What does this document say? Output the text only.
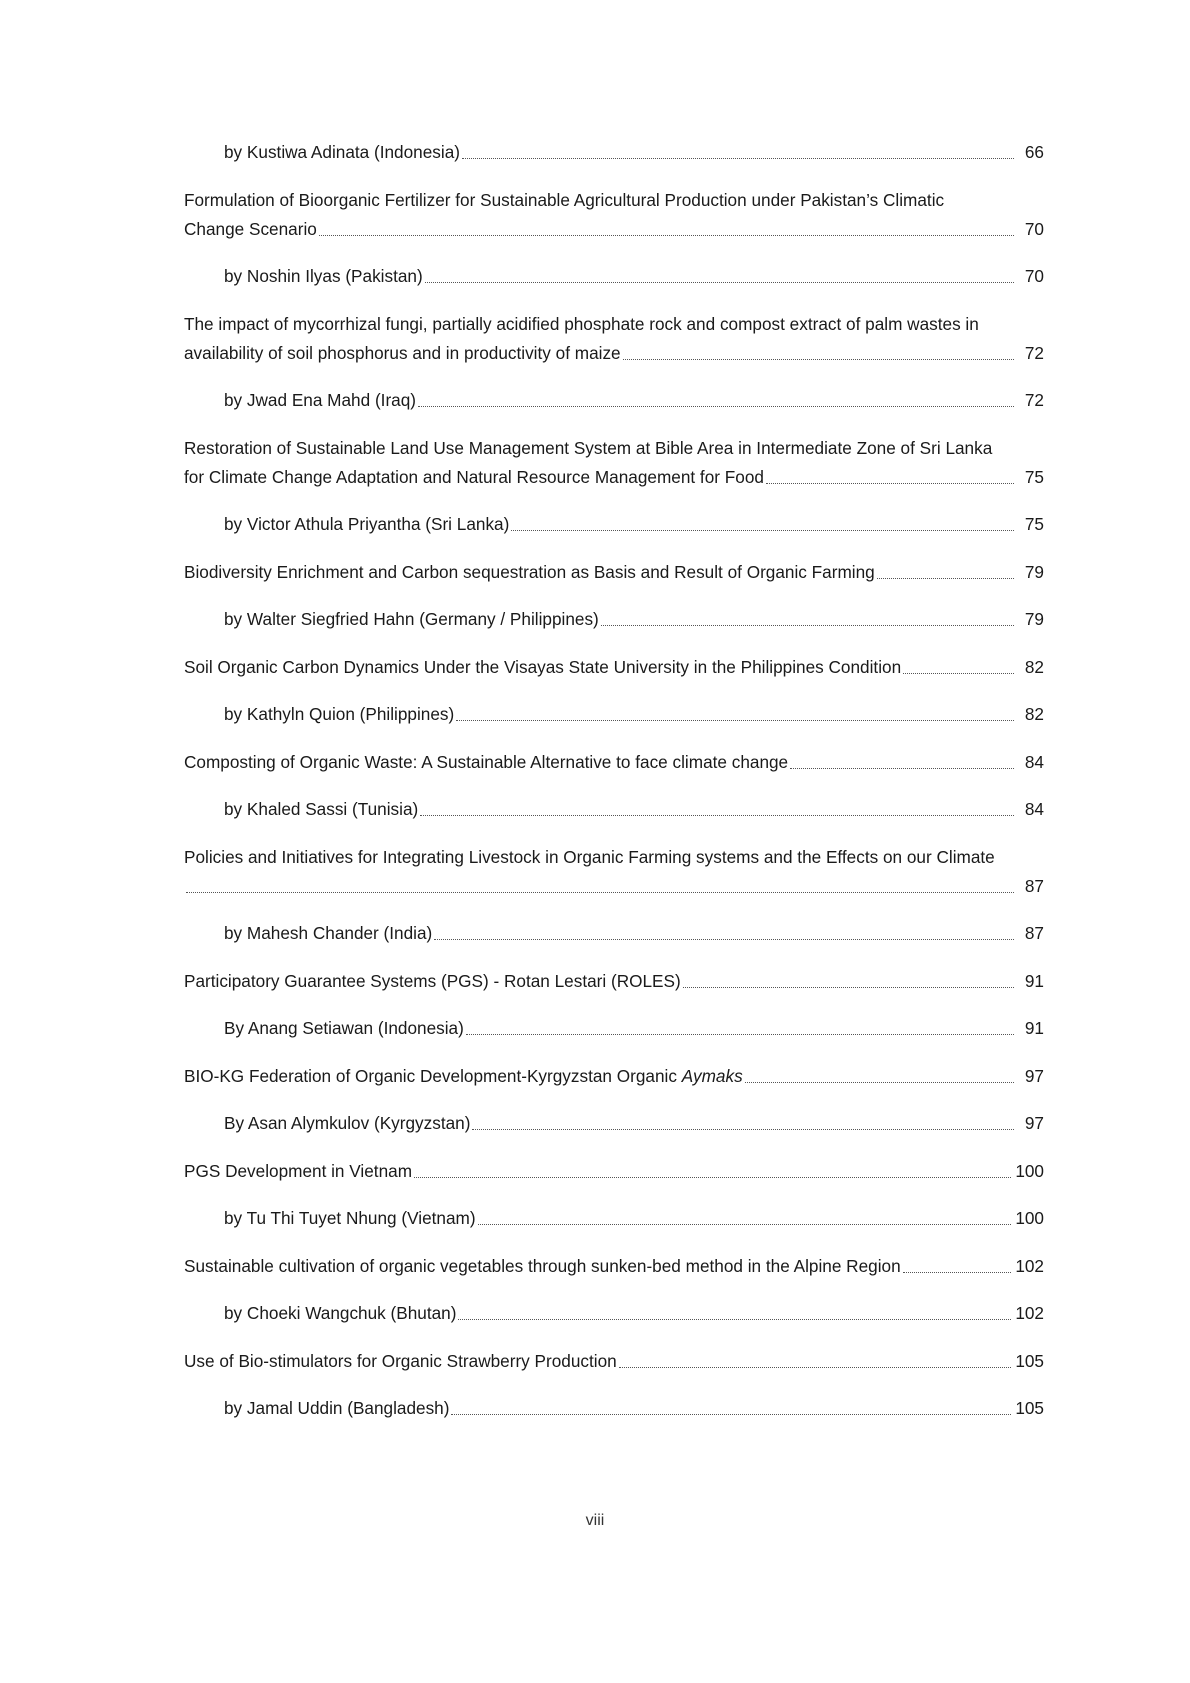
by Kustiwa Adinata (Indonesia)	66
Formulation of Bioorganic Fertilizer for Sustainable Agricultural Production under Pakistan’s Climatic
Change Scenario	70
by Noshin Ilyas (Pakistan)	70
The impact of mycorrhizal fungi, partially acidified phosphate rock and compost extract of palm wastes in
availability of soil phosphorus and in productivity of maize	72
by Jwad Ena Mahd (Iraq)	72
Restoration of Sustainable Land Use Management System at Bible Area in Intermediate Zone of Sri Lanka
for Climate Change Adaptation and Natural Resource Management for Food	75
by Victor Athula Priyantha (Sri Lanka)	75
Biodiversity Enrichment and Carbon sequestration as Basis and Result of Organic Farming	79
by Walter Siegfried Hahn (Germany / Philippines)	79
Soil Organic Carbon Dynamics Under the Visayas State University in the Philippines Condition	82
by Kathyln Quion (Philippines)	82
Composting of Organic Waste: A Sustainable Alternative to face climate change	84
by Khaled Sassi (Tunisia)	84
Policies and Initiatives for Integrating Livestock in Organic Farming systems and the Effects on our Climate
87
by Mahesh Chander (India)	87
Participatory Guarantee Systems (PGS) - Rotan Lestari (ROLES)	91
By Anang Setiawan (Indonesia)	91
BIO-KG Federation of Organic Development-Kyrgyzstan Organic Aymaks	97
By Asan Alymkulov (Kyrgyzstan)	97
PGS Development in Vietnam	100
by Tu Thi Tuyet Nhung (Vietnam)	100
Sustainable cultivation of organic vegetables through sunken-bed method in the Alpine Region	102
by Choeki Wangchuk (Bhutan)	102
Use of Bio-stimulators for Organic Strawberry Production	105
by Jamal Uddin (Bangladesh)	105
viii
